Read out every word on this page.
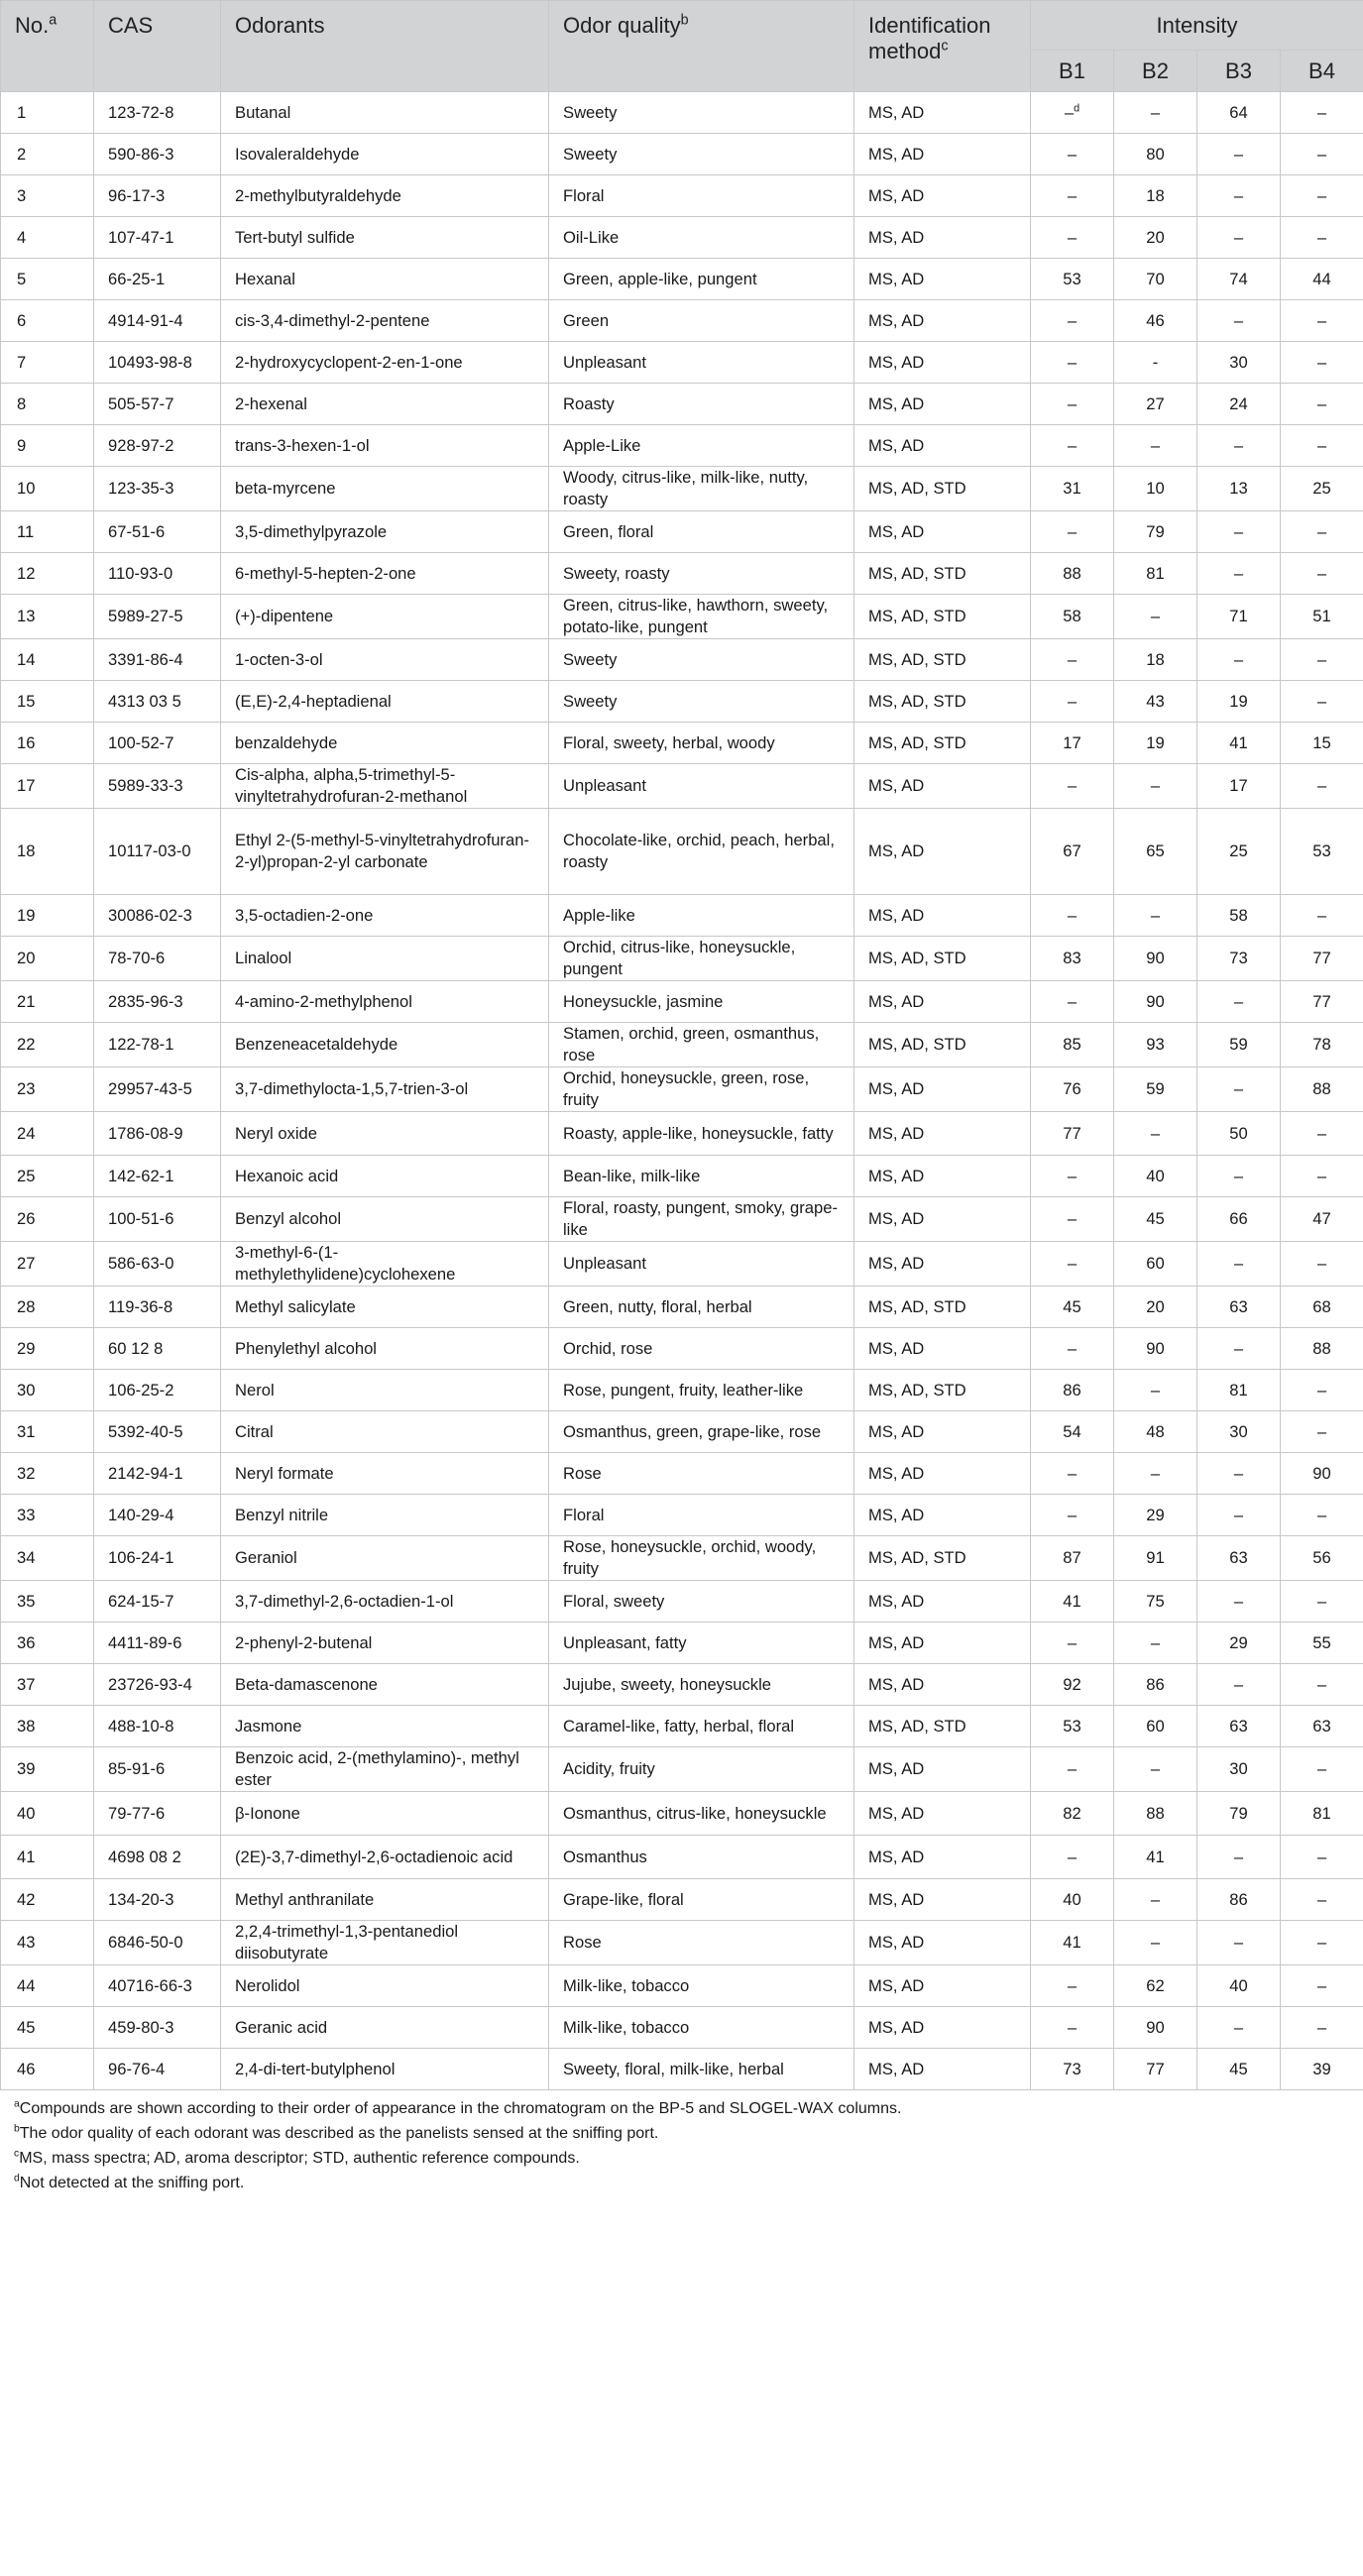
No.$^a$	CAS	Odorants	Odor quality$^b$	Identification method$^c$	Intensity			
					B1	B2	B3	B4
1	123-72-8	Butanal	Sweety	MS, AD	–$^d$	–	64	–
2	590-86-3	Isovaleraldehyde	Sweety	MS, AD	–	80	–	–
3	96-17-3	2-methylbutyraldehyde	Floral	MS, AD	–	18	–	–
4	107-47-1	Tert-butyl sulfide	Oil-Like	MS, AD	–	20	–	–
5	66-25-1	Hexanal	Green, apple-like, pungent	MS, AD	53	70	74	44
6	4914-91-4	cis-3,4-dimethyl-2-pentene	Green	MS, AD	–	46	–	–
7	10493-98-8	2-hydroxycyclopent-2-en-1-one	Unpleasant	MS, AD	–	-	30	–
8	505-57-7	2-hexenal	Roasty	MS, AD	–	27	24	–
9	928-97-2	trans-3-hexen-1-ol	Apple-Like	MS, AD	–	–	–	–
10	123-35-3	beta-myrcene	Woody, citrus-like, milk-like, nutty, roasty	MS, AD, STD	31	10	13	25
11	67-51-6	3,5-dimethylpyrazole	Green, floral	MS, AD	–	79	–	–
12	110-93-0	6-methyl-5-hepten-2-one	Sweety, roasty	MS, AD, STD	88	81	–	–
13	5989-27-5	(+)-dipentene	Green, citrus-like, hawthorn, sweety, potato-like, pungent	MS, AD, STD	58	–	71	51
14	3391-86-4	1-octen-3-ol	Sweety	MS, AD, STD	–	18	–	–
15	4313 03 5	(E,E)-2,4-heptadienal	Sweety	MS, AD, STD	–	43	19	–
16	100-52-7	benzaldehyde	Floral, sweety, herbal, woody	MS, AD, STD	17	19	41	15
17	5989-33-3	Cis-alpha, alpha,5-trimethyl-5-vinyltetrahydrofuran-2-methanol	Unpleasant	MS, AD	–	–	17	–
18	10117-03-0	Ethyl 2-(5-methyl-5-vinyltetrahydrofuran-2-yl)propan-2-yl carbonate	Chocolate-like, orchid, peach, herbal, roasty	MS, AD	67	65	25	53
19	30086-02-3	3,5-octadien-2-one	Apple-like	MS, AD	–	–	58	–
20	78-70-6	Linalool	Orchid, citrus-like, honeysuckle, pungent	MS, AD, STD	83	90	73	77
21	2835-96-3	4-amino-2-methylphenol	Honeysuckle, jasmine	MS, AD	–	90	–	77
22	122-78-1	Benzeneacetaldehyde	Stamen, orchid, green, osmanthus, rose	MS, AD, STD	85	93	59	78
23	29957-43-5	3,7-dimethylocta-1,5,7-trien-3-ol	Orchid, honeysuckle, green, rose, fruity	MS, AD	76	59	–	88
24	1786-08-9	Neryl oxide	Roasty, apple-like, honeysuckle, fatty	MS, AD	77	–	50	–
25	142-62-1	Hexanoic acid	Bean-like, milk-like	MS, AD	–	40	–	–
26	100-51-6	Benzyl alcohol	Floral, roasty, pungent, smoky, grape-like	MS, AD	–	45	66	47
27	586-63-0	3-methyl-6-(1-methylethylidene)cyclohexene	Unpleasant	MS, AD	–	60	–	–
28	119-36-8	Methyl salicylate	Green, nutty, floral, herbal	MS, AD, STD	45	20	63	68
29	60 12 8	Phenylethyl alcohol	Orchid, rose	MS, AD	–	90	–	88
30	106-25-2	Nerol	Rose, pungent, fruity, leather-like	MS, AD, STD	86	–	81	–
31	5392-40-5	Citral	Osmanthus, green, grape-like, rose	MS, AD	54	48	30	–
32	2142-94-1	Neryl formate	Rose	MS, AD	–	–	–	90
33	140-29-4	Benzyl nitrile	Floral	MS, AD	–	29	–	–
34	106-24-1	Geraniol	Rose, honeysuckle, orchid, woody, fruity	MS, AD, STD	87	91	63	56
35	624-15-7	3,7-dimethyl-2,6-octadien-1-ol	Floral, sweety	MS, AD	41	75	–	–
36	4411-89-6	2-phenyl-2-butenal	Unpleasant, fatty	MS, AD	–	–	29	55
37	23726-93-4	Beta-damascenone	Jujube, sweety, honeysuckle	MS, AD	92	86	–	–
38	488-10-8	Jasmone	Caramel-like, fatty, herbal, floral	MS, AD, STD	53	60	63	63
39	85-91-6	Benzoic acid, 2-(methylamino)-, methyl ester	Acidity, fruity	MS, AD	–	–	30	–
40	79-77-6	β-Ionone	Osmanthus, citrus-like, honeysuckle	MS, AD	82	88	79	81
41	4698 08 2	(2E)-3,7-dimethyl-2,6-octadienoic acid	Osmanthus	MS, AD	–	41	–	–
42	134-20-3	Methyl anthranilate	Grape-like, floral	MS, AD	40	–	86	–
43	6846-50-0	2,2,4-trimethyl-1,3-pentanediol diisobutyrate	Rose	MS, AD	41	–	–	–
44	40716-66-3	Nerolidol	Milk-like, tobacco	MS, AD	–	62	40	–
45	459-80-3	Geranic acid	Milk-like, tobacco	MS, AD	–	90	–	–
46	96-76-4	2,4-di-tert-butylphenol	Sweety, floral, milk-like, herbal	MS, AD	73	77	45	39
$^a$Compounds are shown according to their order of appearance in the chromatogram on the BP-5 and SLOGEL-WAX columns.
$^b$The odor quality of each odorant was described as the panelists sensed at the sniffing port.
$^c$MS, mass spectra; AD, aroma descriptor; STD, authentic reference compounds.
$^d$Not detected at the sniffing port.
